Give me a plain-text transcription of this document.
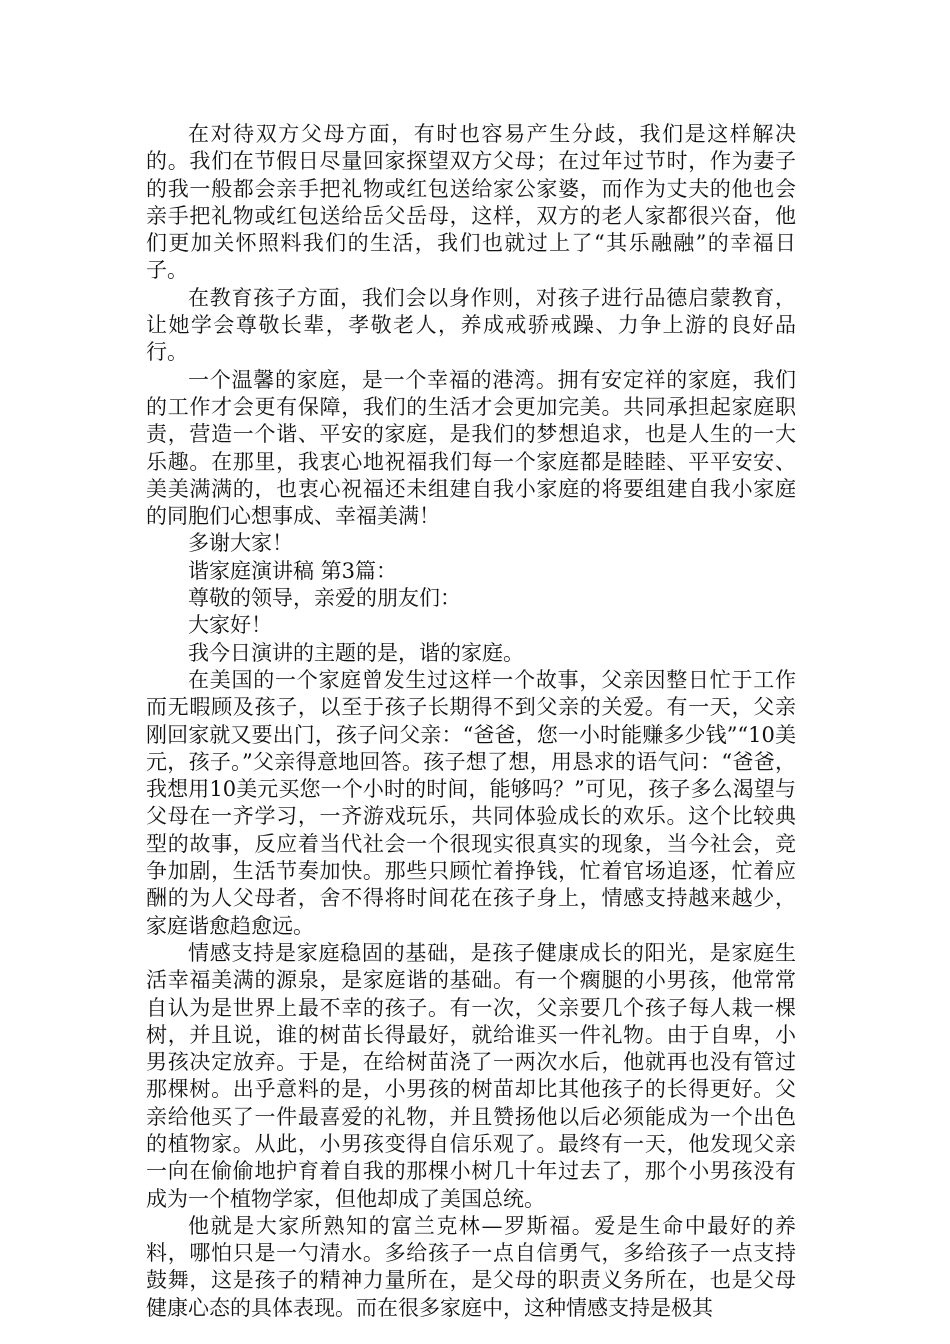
在对待双方父母方面，有时也容易产生分歧，我们是这样解决的。我们在节假日尽量回家探望双方父母；在过年过节时，作为妻子的我一般都会亲手把礼物或红包送给家公家婆，而作为丈夫的他也会亲手把礼物或红包送给岳父岳母，这样，双方的老人家都很兴奋，他们更加关怀照料我们的生活，我们也就过上了“其乐融融”的幸福日子。

在教育孩子方面，我们会以身作则，对孩子进行品德启蒙教育，让她学会尊敬长辈，孝敬老人，养成戒骄戒躁、力争上游的良好品行。

一个温馨的家庭，是一个幸福的港湾。拥有安定祥的家庭，我们的工作才会更有保障，我们的生活才会更加完美。共同承担起家庭职责，营造一个谐、平安的家庭，是我们的梦想追求，也是人生的一大乐趣。在那里，我衷心地祝福我们每一个家庭都是睦睦、平平安安、美美满满的，也衷心祝福还未组建自我小家庭的将要组建自我小家庭的同胞们心想事成、幸福美满！

多谢大家！

谐家庭演讲稿 第3篇：

尊敬的领导，亲爱的朋友们：

大家好！

我今日演讲的主题的是，谐的家庭。

在美国的一个家庭曾发生过这样一个故事，父亲因整日忙于工作而无暇顾及孩子，以至于孩子长期得不到父亲的关爱。有一天，父亲刚回家就又要出门，孩子问父亲：“爸爸，您一小时能赚多少钱”“10美元，孩子。”父亲得意地回答。孩子想了想，用恳求的语气问：“爸爸，我想用10美元买您一个小时的时间，能够吗？”可见，孩子多么渴望与父母在一齐学习，一齐游戏玩乐，共同体验成长的欢乐。这个比较典型的故事，反应着当代社会一个很现实很真实的现象，当今社会，竞争加剧，生活节奏加快。那些只顾忙着挣钱，忙着官场追逐，忙着应酬的为人父母者，舍不得将时间花在孩子身上，情感支持越来越少，家庭谐愈趋愈远。

情感支持是家庭稳固的基础，是孩子健康成长的阳光，是家庭生活幸福美满的源泉，是家庭谐的基础。有一个瘸腿的小男孩，他常常自认为是世界上最不幸的孩子。有一次，父亲要几个孩子每人栽一棵树，并且说，谁的树苗长得最好，就给谁买一件礼物。由于自卑，小男孩决定放弃。于是，在给树苗浇了一两次水后，他就再也没有管过那棵树。出乎意料的是，小男孩的树苗却比其他孩子的长得更好。父亲给他买了一件最喜爱的礼物，并且赞扬他以后必须能成为一个出色的植物家。从此，小男孩变得自信乐观了。最终有一天，他发现父亲一向在偷偷地护育着自我的那棵小树几十年过去了，那个小男孩没有成为一个植物学家，但他却成了美国总统。

他就是大家所熟知的富兰克林—罗斯福。爱是生命中最好的养料，哪怕只是一勺清水。多给孩子一点自信勇气，多给孩子一点支持鼓舞，这是孩子的精神力量所在，是父母的职责义务所在，也是父母健康心态的具体表现。而在很多家庭中，这种情感支持是极其
